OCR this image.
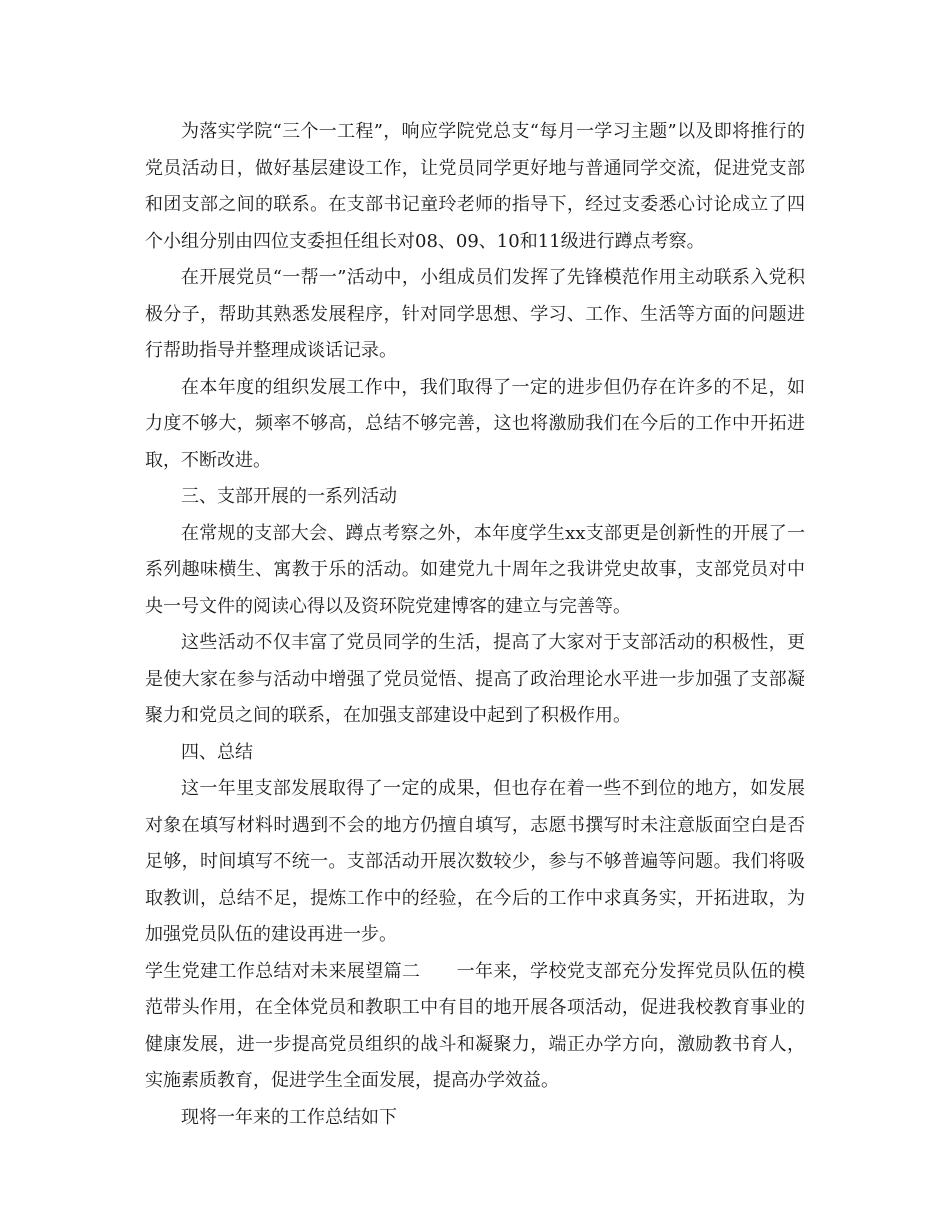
为落实学院“三个一工程”，响应学院党总支“每月一学习主题”以及即将推行的党员活动日，做好基层建设工作，让党员同学更好地与普通同学交流，促进党支部和团支部之间的联系。在支部书记童玲老师的指导下，经过支委悉心讨论成立了四个小组分别由四位支委担任组长对08、09、10和11级进行蹲点考察。

在开展党员“一帮一”活动中，小组成员们发挥了先锋模范作用主动联系入党积极分子，帮助其熟悉发展程序，针对同学思想、学习、工作、生活等方面的问题进行帮助指导并整理成谈话记录。

在本年度的组织发展工作中，我们取得了一定的进步但仍存在许多的不足，如力度不够大，频率不够高，总结不够完善，这也将激励我们在今后的工作中开拓进取，不断改进。

三、支部开展的一系列活动

在常规的支部大会、蹲点考察之外，本年度学生xx支部更是创新性的开展了一系列趣味横生、寓教于乐的活动。如建党九十周年之我讲党史故事，支部党员对中央一号文件的阅读心得以及资环院党建博客的建立与完善等。

这些活动不仅丰富了党员同学的生活，提高了大家对于支部活动的积极性，更是使大家在参与活动中增强了党员觉悟、提高了政治理论水平进一步加强了支部凝聚力和党员之间的联系，在加强支部建设中起到了积极作用。

四、总结

这一年里支部发展取得了一定的成果，但也存在着一些不到位的地方，如发展对象在填写材料时遇到不会的地方仍擅自填写，志愿书撰写时未注意版面空白是否足够，时间填写不统一。支部活动开展次数较少，参与不够普遍等问题。我们将吸取教训，总结不足，提炼工作中的经验，在今后的工作中求真务实，开拓进取，为加强党员队伍的建设再进一步。

学生党建工作总结对未来展望篇二 一年来，学校党支部充分发挥党员队伍的模范带头作用，在全体党员和教职工中有目的地开展各项活动，促进我校教育事业的健康发展，进一步提高党员组织的战斗和凝聚力，端正办学方向，激励教书育人，实施素质教育，促进学生全面发展，提高办学效益。

现将一年来的工作总结如下
